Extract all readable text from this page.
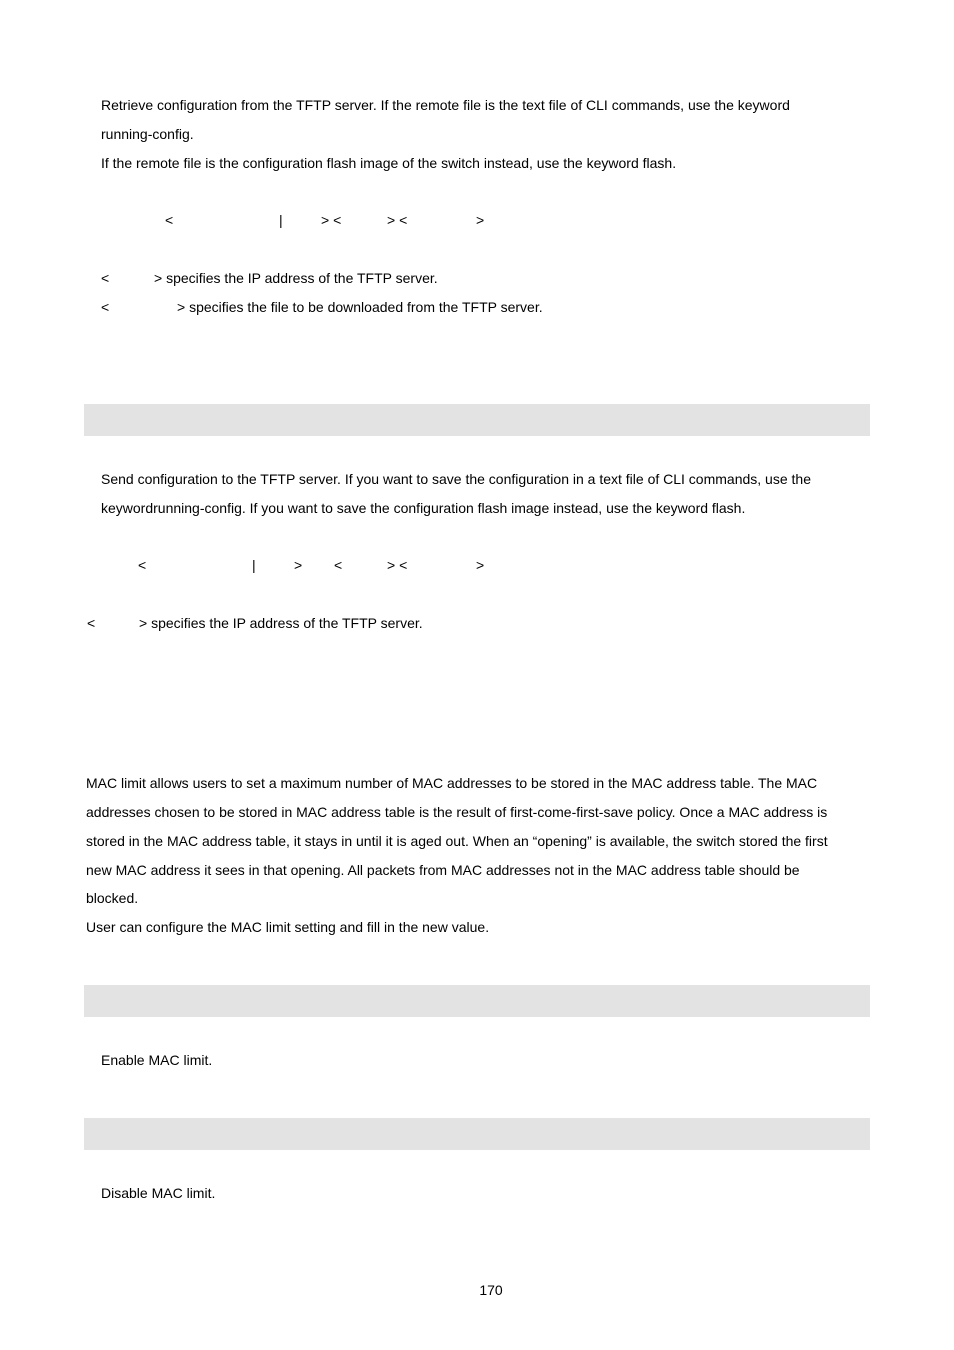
Retrieve configuration from the TFTP server. If the remote file is the text file of CLI commands, use the keyword

running-config.

If the remote file is the configuration flash image of the switch instead, use the keyword flash.

<	|	> <	> <	>
<	> specifies the IP address of the TFTP server.
<	> specifies the file to be downloaded from the TFTP server.

Send configuration to the TFTP server. If you want to save the configuration in a text file of CLI commands, use the

keywordrunning-config. If you want to save the configuration flash image instead, use the keyword flash.

<	|	> <	> <	>
<	> specifies the IP address of the TFTP server.

MAC limit allows users to set a maximum number of MAC addresses to be stored in the MAC address table. The MAC

addresses chosen to be stored in MAC address table is the result of first-come-first-save policy. Once a MAC address is

stored in the MAC address table, it stays in until it is aged out. When an “opening” is available, the switch stored the first

new MAC address it sees in that opening. All packets from MAC addresses not in the MAC address table should be

blocked.

User can configure the MAC limit setting and fill in the new value.

Enable MAC limit.

Disable MAC limit.

170
